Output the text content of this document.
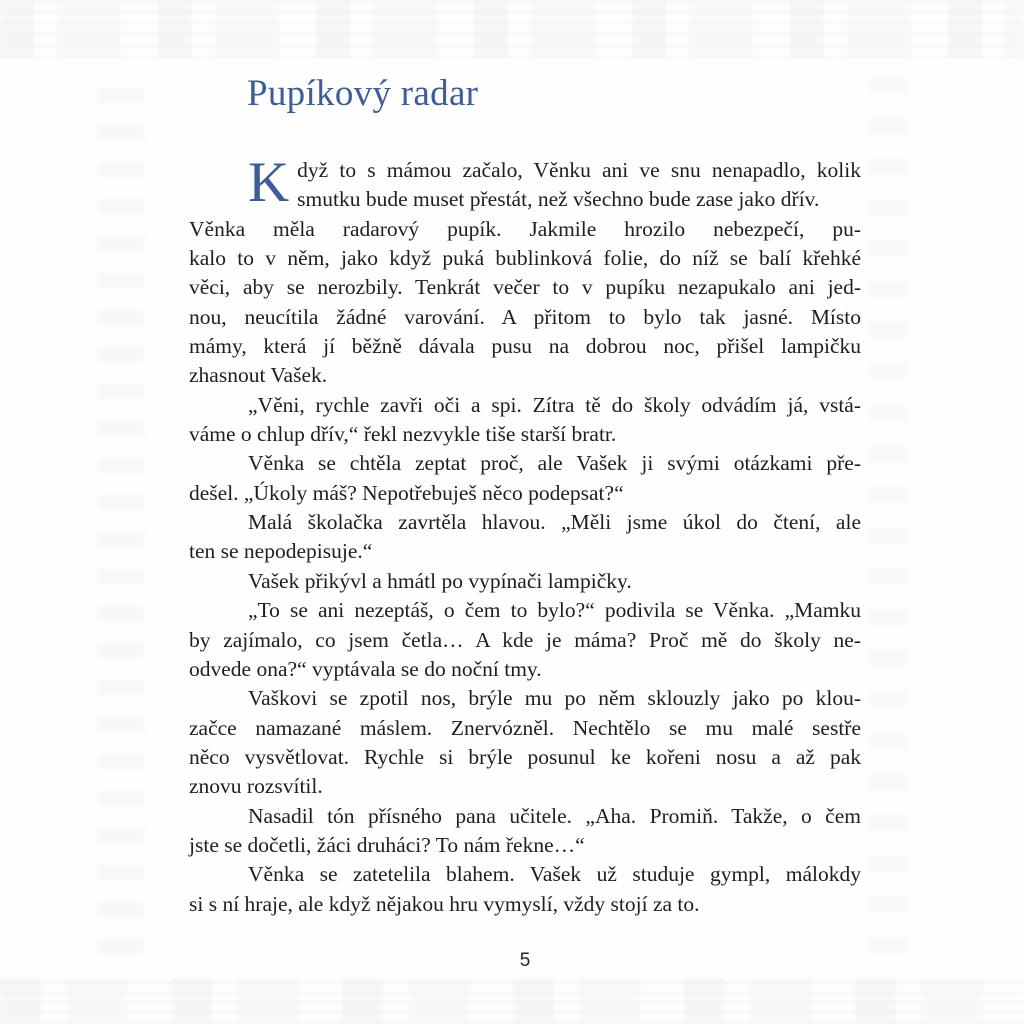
Pupíkový radar

K dyž to s mámou začalo, Věnku ani ve snu nenapadlo, kolik
smutku bude muset přestát, než všechno bude zase jako dřív.

Věnka měla radarový pupík. Jakmile hrozilo nebezpečí, pu-
kalo to v něm, jako když puká bublinková folie, do níž se balí křehké
věci, aby se nerozbily. Tenkrát večer to v pupíku nezapukalo ani jed-
nou, neucítila žádné varování. A přitom to bylo tak jasné. Místo
mámy, která jí běžně dávala pusu na dobrou noc, přišel lampičku
zhasnout Vašek.

„Věni, rychle zavři oči a spi. Zítra tě do školy odvádím já, vstá-
váme o chlup dřív,“ řekl nezvykle tiše starší bratr.

Věnka se chtěla zeptat proč, ale Vašek ji svými otázkami pře-
dešel. „Úkoly máš? Nepotřebuješ něco podepsat?“

Malá školačka zavrtěla hlavou. „Měli jsme úkol do čtení, ale
ten se nepodepisuje.“

Vašek přikývl a hmátl po vypínači lampičky.

„To se ani nezeptáš, o čem to bylo?“ podivila se Věnka. „Mamku
by zajímalo, co jsem četla… A kde je máma? Proč mě do školy ne-
odvede ona?“ vyptávala se do noční tmy.

Vaškovi se zpotil nos, brýle mu po něm sklouzly jako po klou-
začce namazané máslem. Znervózněl. Nechtělo se mu malé sestře
něco vysvětlovat. Rychle si brýle posunul ke kořeni nosu a až pak
znovu rozsvítil.

Nasadil tón přísného pana učitele. „Aha. Promiň. Takže, o čem
jste se dočetli, žáci druháci? To nám řekne…“

Věnka se zatetelila blahem. Vašek už studuje gympl, málokdy
si s ní hraje, ale když nějakou hru vymyslí, vždy stojí za to.

5
